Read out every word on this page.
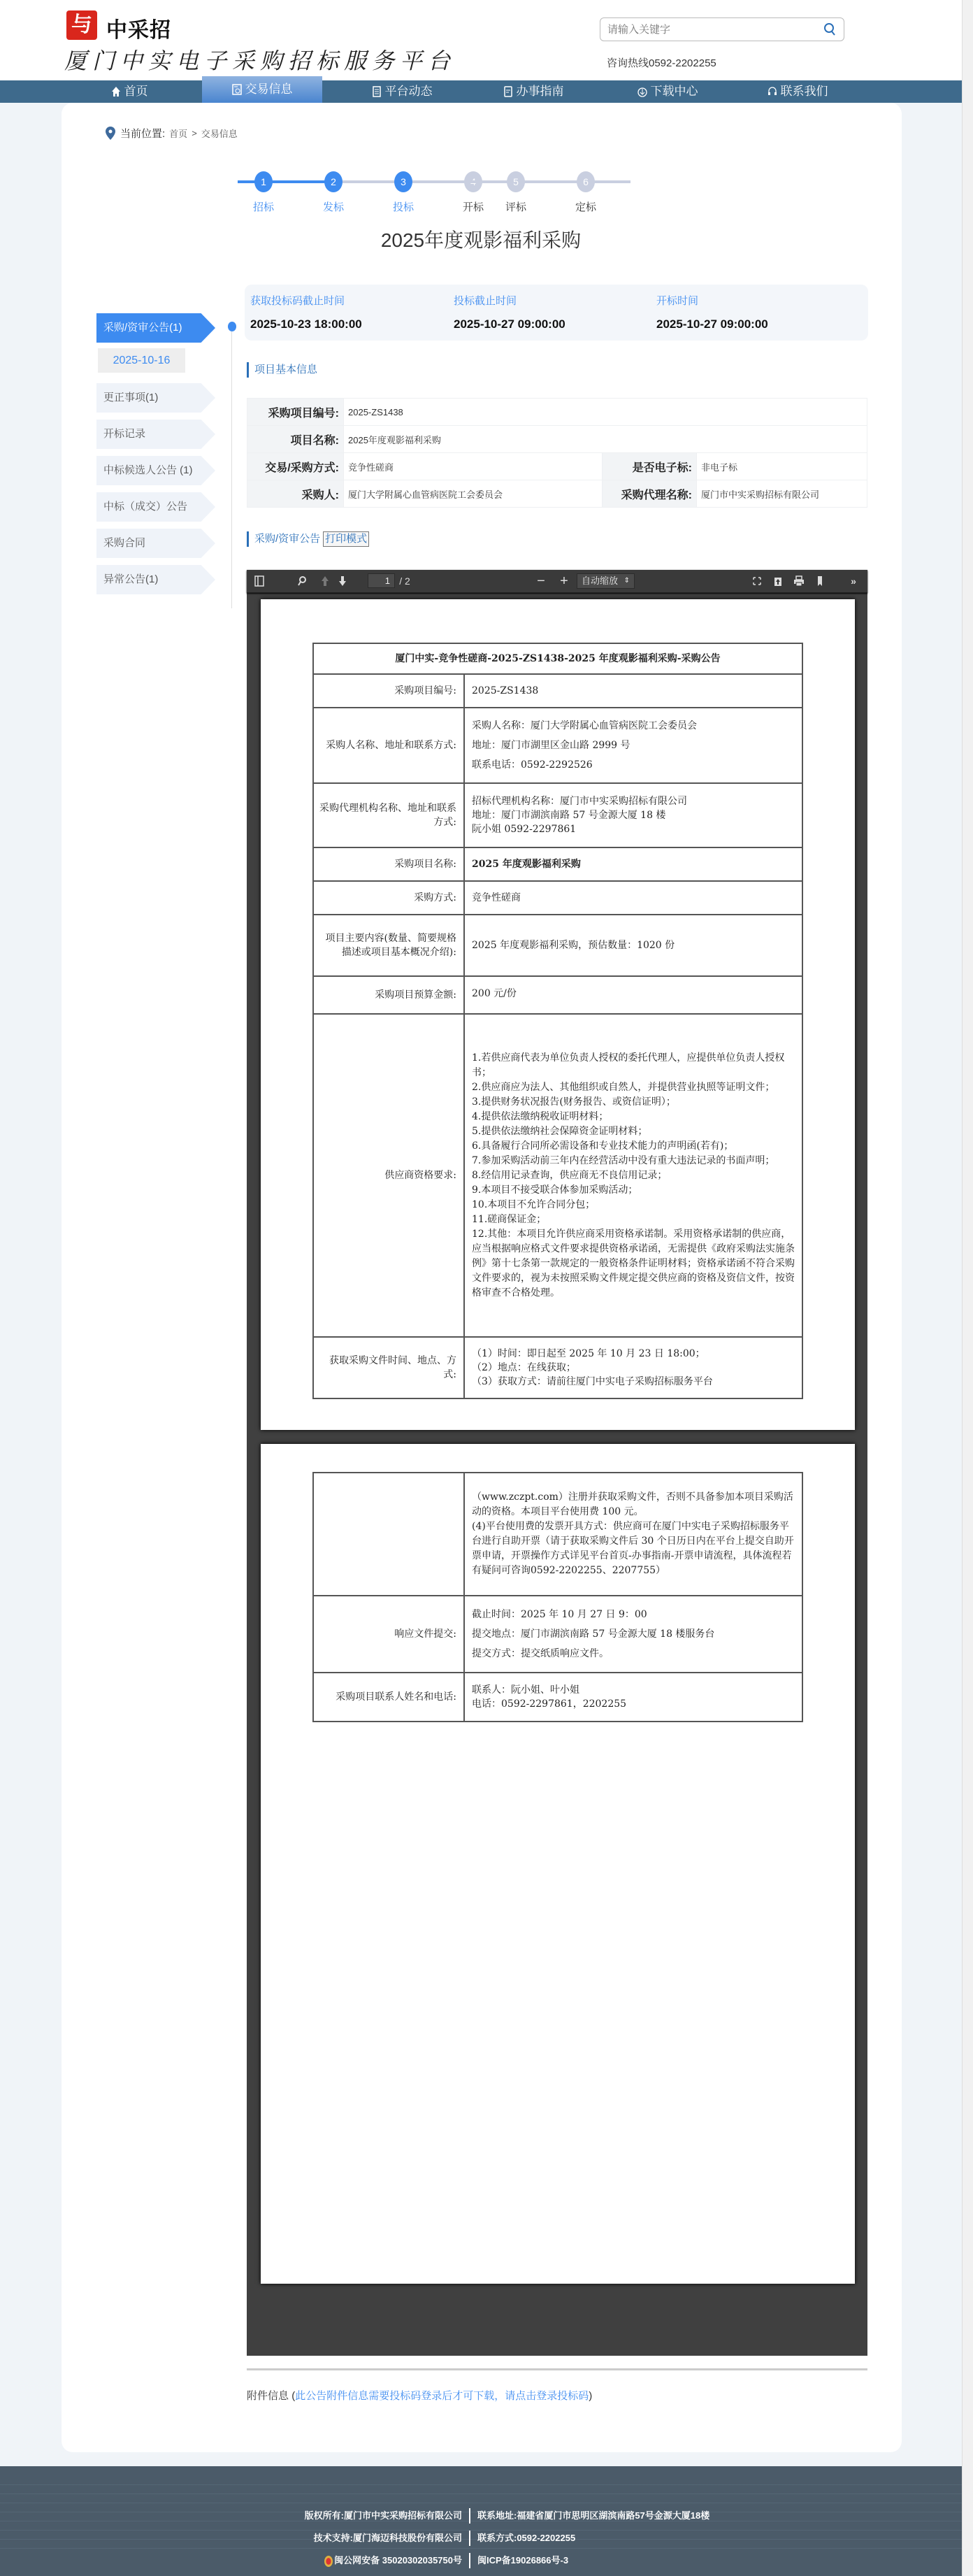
与 中采招
厦门中实电子采购招标服务平台
请输入关键字	咨询热线0592-2202255
首页	交易信息	平台动态	办事指南	下载中心	联系我们
当前位置: 首页 > 交易信息
1
招标
2
发标
3
投标	开标
5
评标
6
定标
2025年度观影福利采购
采购/资审公告(1)
2025-10-16
更正事项(1)
开标记录
中标候选人公告 (1)
中标（成交）公告
采购合同
异常公告(1)
获取投标码截止时间
2025-10-23 18:00:00
投标截止时间
2025-10-27 09:00:00
开标时间
2025-10-27 09:00:00
项目基本信息
采购项目编号:	2025-ZS1438		
项目名称:	2025年度观影福利采购		
交易/采购方式:	竞争性磋商	是否电子标:	非电子标
采购人:	厦门大学附属心血管病医院工会委员会	采购代理名称:	厦门市中实采购招标有限公司
采购/资审公告 打印模式
1 / 2	− +	自动缩放 ⇕	»
厦门中实-竞争性磋商-2025-ZS1438-2025 年度观影福利采购-采购公告	
采购项目编号:	2025-ZS1438
采购人名称、地址和联系方式:	采购人名称：厦门大学附属心血管病医院工会委员会
地址：厦门市湖里区金山路 2999 号
联系电话：0592-2292526

采购代理机构名称、地址和联系方式:	招标代理机构名称：厦门市中实采购招标有限公司
地址：厦门市湖滨南路 57 号金源大厦 18 楼
阮小姐 0592-2297861

采购项目名称:	2025 年度观影福利采购
采购方式:	竞争性磋商
项目主要内容(数量、简要规格描述或项目基本概况介绍):	2025 年度观影福利采购，预估数量：1020 份
采购项目预算金额:	200 元/份
供应商资格要求:	
1.若供应商代表为单位负责人授权的委托代理人，应提供单位负责人授权书；
2.供应商应为法人、其他组织或自然人，并提供营业执照等证明文件；
3.提供财务状况报告(财务报告、或资信证明）；
4.提供依法缴纳税收证明材料；
5.提供依法缴纳社会保障资金证明材料；
6.具备履行合同所必需设备和专业技术能力的声明函(若有)；
7.参加采购活动前三年内在经营活动中没有重大违法记录的书面声明；
8.经信用记录查询，供应商无不良信用记录；
9.本项目不接受联合体参加采购活动；
10.本项目不允许合同分包；
11.磋商保证金；
12.其他：本项目允许供应商采用资格承诺制。采用资格承诺制的供应商，应当根据响应格式文件要求提供资格承诺函，无需提供《政府采购法实施条例》第十七条第一款规定的一般资格条件证明材料；资格承诺函不符合采购文件要求的，视为未按照采购文件规定提交供应商的资格及资信文件，按资格审查不合格处理。

获取采购文件时间、地点、方式:	（1）时间：即日起至 2025 年 10 月 23 日 18:00；
（2）地点：在线获取；
（3）获取方式：请前往厦门中实电子采购招标服务平台

	（www.zczpt.com）注册并获取采购文件，否则不具备参加本项目采购活动的资格。本项目平台使用费 100 元。
(4)平台使用费的发票开具方式：供应商可在厦门中实电子采购招标服务平台进行自助开票（请于获取采购文件后 30 个日历日内在平台上提交自助开票申请，开票操作方式详见平台首页-办事指南-开票申请流程，具体流程若有疑问可咨询0592-2202255、2207755）

响应文件提交:	截止时间：2025 年 10 月 27 日 9：00
提交地点：厦门市湖滨南路 57 号金源大厦 18 楼服务台
提交方式：提交纸质响应文件。

采购项目联系人姓名和电话:	联系人：阮小姐、叶小姐
电话：0592-2297861，2202255
附件信息 (此公告附件信息需要投标码登录后才可下载，请点击登录投标码)
版权所有:厦门市中实采购招标有限公司	联系地址:福建省厦门市思明区湖滨南路57号金源大厦18楼
技术支持:厦门海迈科技股份有限公司	联系方式:0592-2202255
闽公网安备 35020302035750号	闽ICP备19026866号-3
